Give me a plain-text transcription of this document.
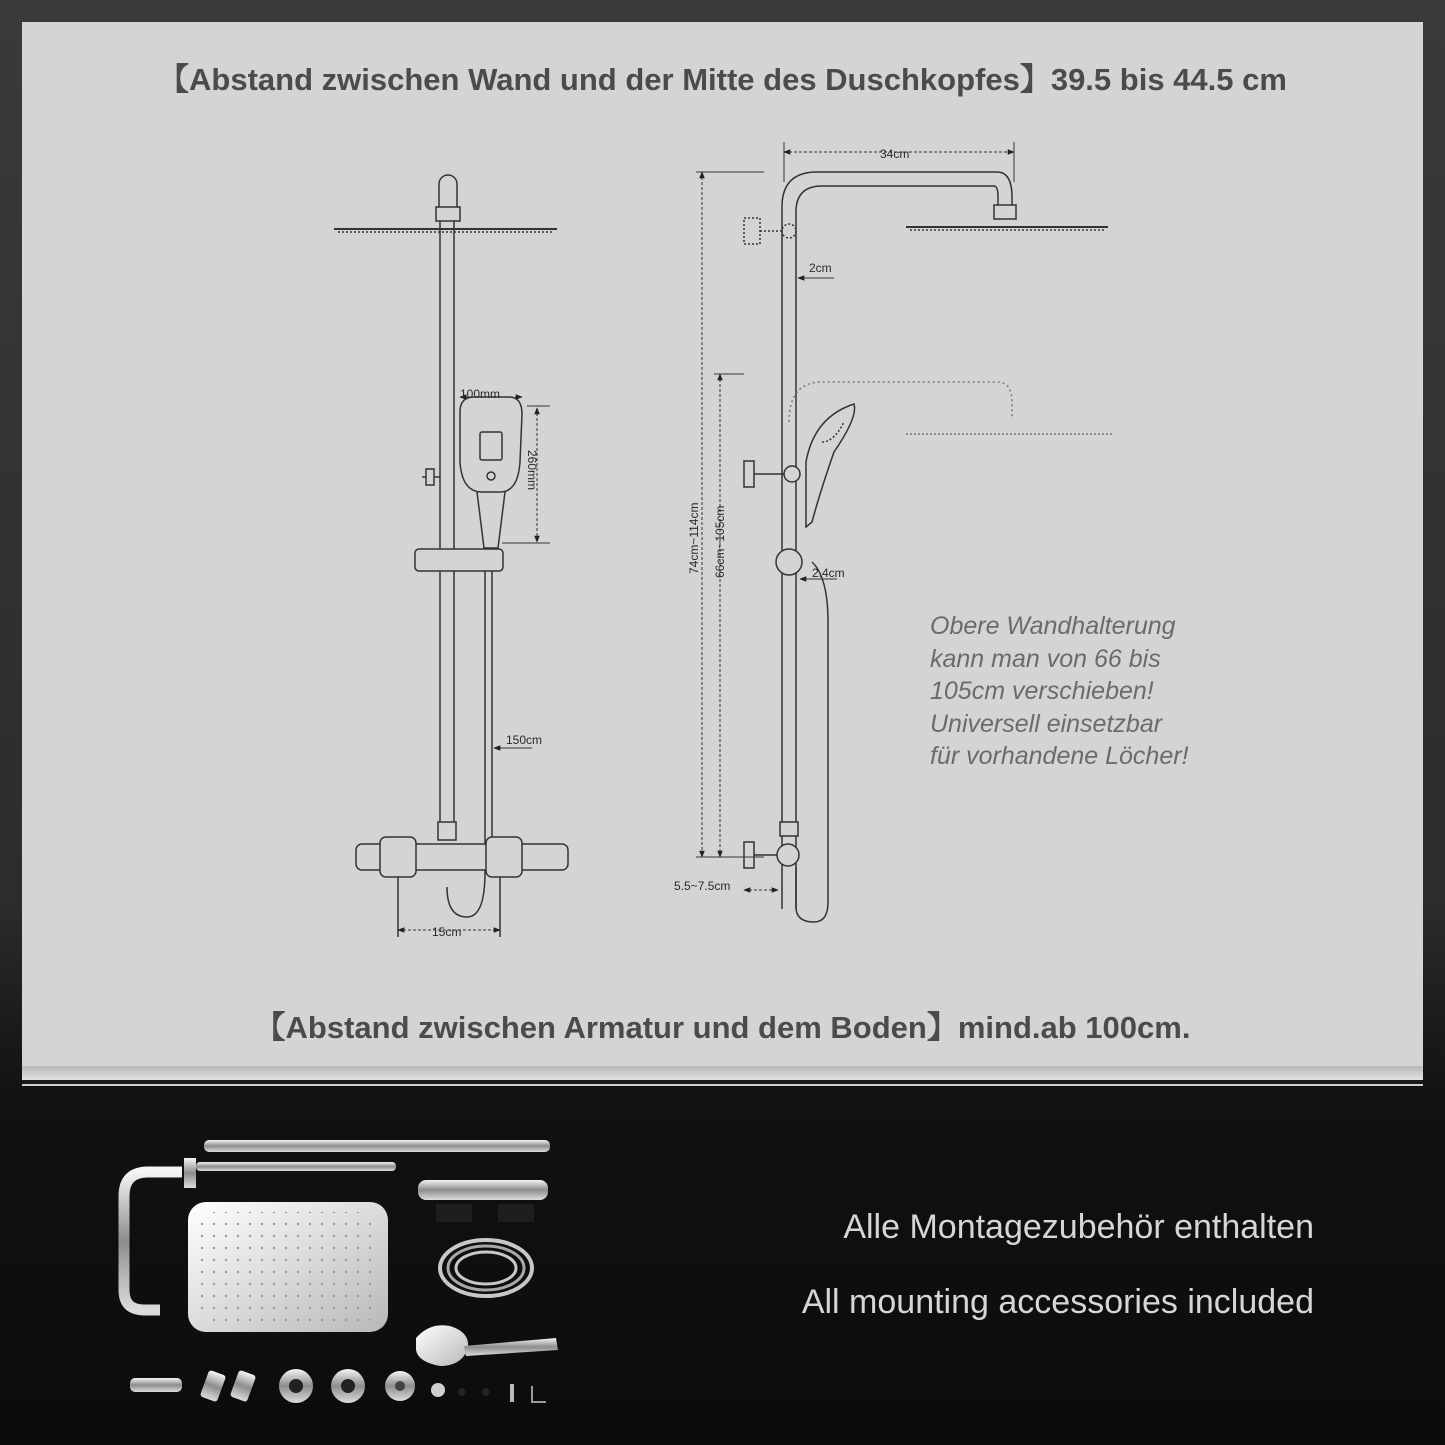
【Abstand zwischen Wand und der Mitte des Duschkopfes】39.5 bis 44.5 cm
100mm
260mm
150cm
15cm
34cm
2cm
2.4cm
74cm~114cm 66cm~105cm
5.5~7.5cm
Obere Wandhalterung
kann man von 66 bis
105cm verschieben!
Universell einsetzbar
für vorhandene Löcher!
【Abstand zwischen Armatur und dem Boden】mind.ab 100cm.
Alle Montagezubehör enthalten
All mounting accessories included
